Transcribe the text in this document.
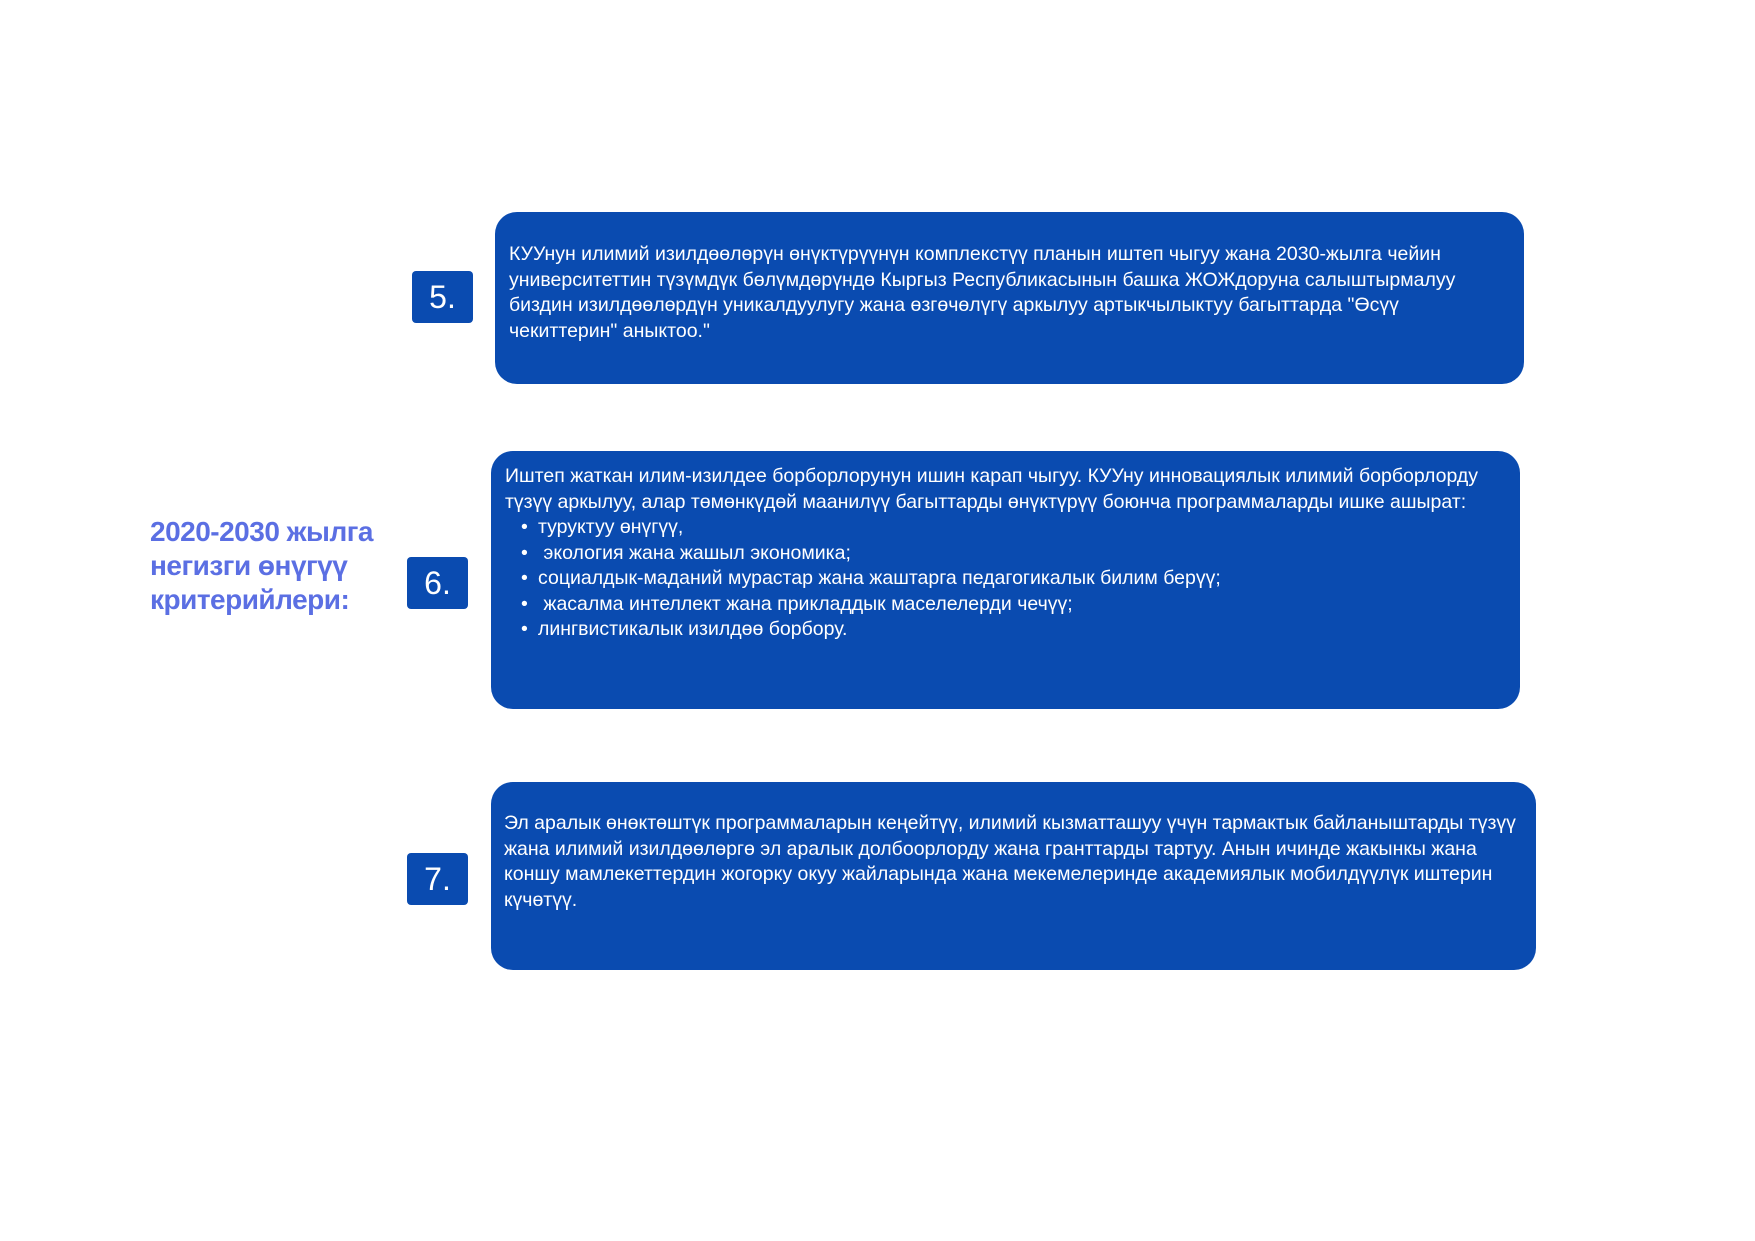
2020-2030 жылга
негизги өнүгүү
критерийлери:
5.

КУУнун илимий изилдөөлөрүн өнүктүрүүнүн комплекстүү планын иштеп чыгуу жана 2030-жылга чейин университеттин түзүмдүк бөлүмдөрүндө Кыргыз Республикасынын башка ЖОЖдоруна салыштырмалуу биздин изилдөөлөрдүн уникалдуулугу жана өзгөчөлүгү аркылуу артыкчылыктуу багыттарда "Өсүү чекиттерин" аныктоо."

6.

Иштеп жаткан илим-изилдее борборлорунун ишин карап чыгуу. КУУну инновациялык илимий борборлорду түзүү аркылуу, алар төмөнкүдөй маанилүү багыттарды өнүктүрүү боюнча программаларды ишке ашырат:

• туруктуу өнүгүү,
• экология жана жашыл экономика;
• социалдык-маданий мурастар жана жаштарга педагогикалык билим берүү;
• жасалма интеллект жана прикладдык маселелерди чечүү;
• лингвистикалык изилдөө борбору.
7.

Эл аралык өнөктөштүк программаларын кеңейтүү, илимий кызматташуу үчүн тармактык байланыштарды түзүү жана илимий изилдөөлөргө эл аралык долбоорлорду жана гранттарды тартуу. Анын ичинде жакынкы жана коншу мамлекеттердин жогорку окуу жайларында жана мекемелеринде академиялык мобилдүүлүк иштерин күчөтүү.
